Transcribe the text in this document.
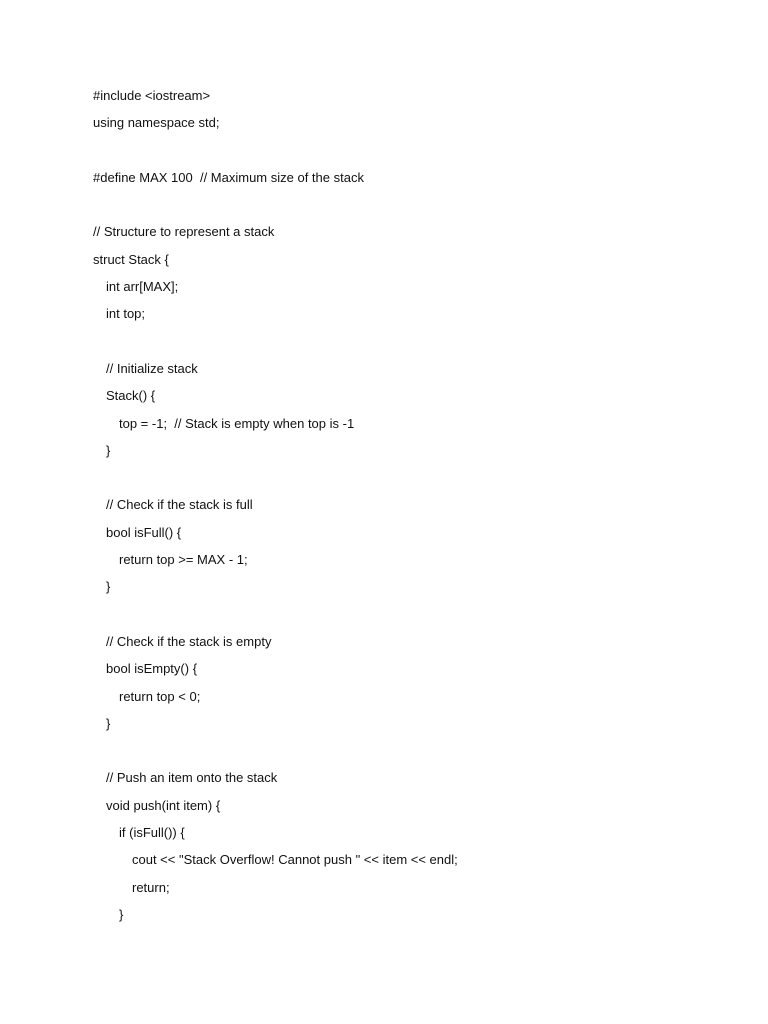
#include <iostream>
using namespace std;
#define MAX 100  // Maximum size of the stack
// Structure to represent a stack
struct Stack {
int arr[MAX];
int top;
// Initialize stack
Stack() {
top = -1;  // Stack is empty when top is -1
}
// Check if the stack is full
bool isFull() {
return top >= MAX - 1;
}
// Check if the stack is empty
bool isEmpty() {
return top < 0;
}
// Push an item onto the stack
void push(int item) {
if (isFull()) {
cout << "Stack Overflow! Cannot push " << item << endl;
return;
}
